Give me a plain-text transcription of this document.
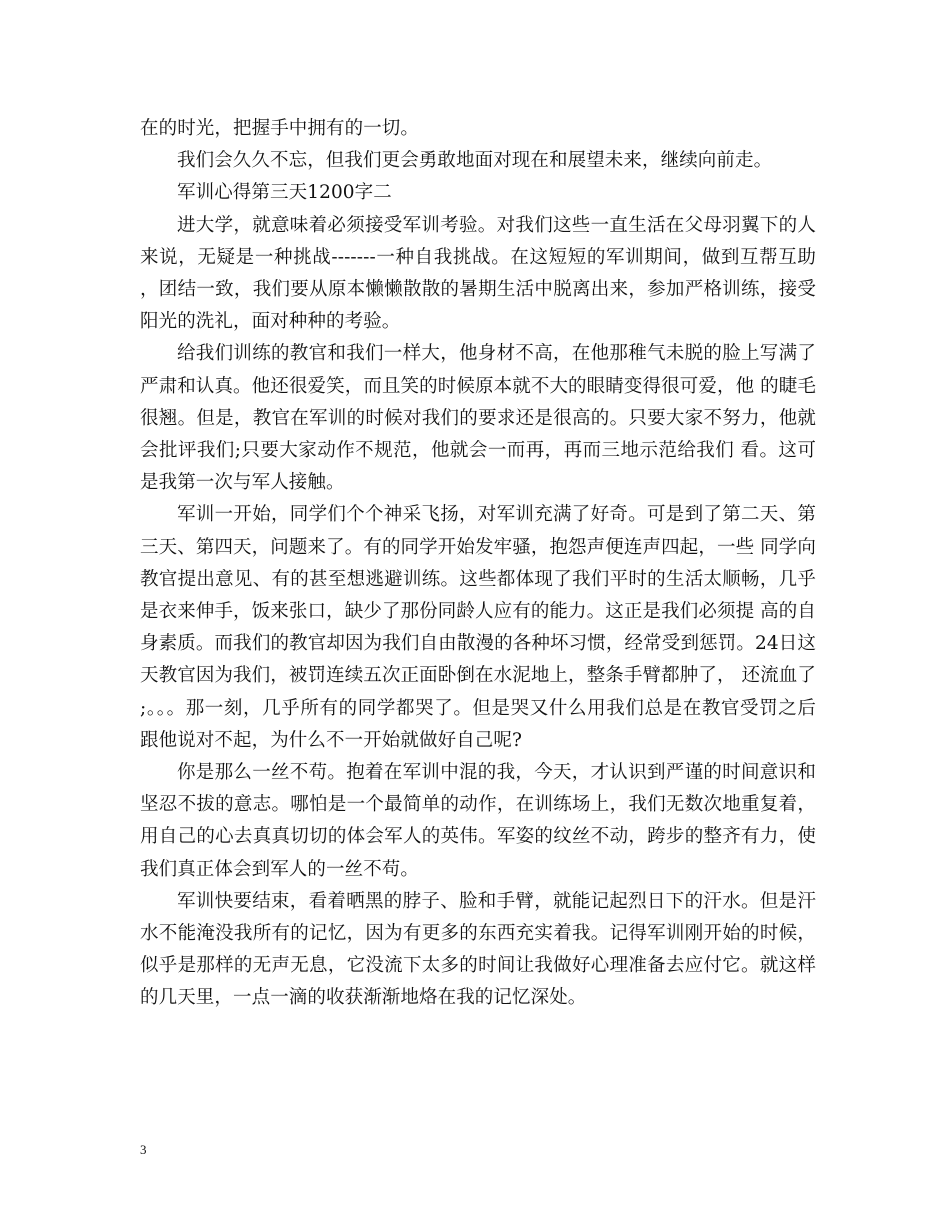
在的时光，把握手中拥有的一切。

我们会久久不忘，但我们更会勇敢地面对现在和展望未来，继续向前走。

军训心得第三天1200字二

进大学，就意味着必须接受军训考验。对我们这些一直生活在父母羽翼下的人来说，无疑是一种挑战-------一种自我挑战。在这短短的军训期间，做到互帮互助，团结一致，我们要从原本懒懒散散的暑期生活中脱离出来，参加严格训练，接受阳光的洗礼，面对种种的考验。

给我们训练的教官和我们一样大，他身材不高，在他那稚气未脱的脸上写满了严肃和认真。他还很爱笑，而且笑的时候原本就不大的眼睛变得很可爱，他 的睫毛很翘。但是，教官在军训的时候对我们的要求还是很高的。只要大家不努力，他就会批评我们;只要大家动作不规范，他就会一而再，再而三地示范给我们 看。这可是我第一次与军人接触。

军训一开始，同学们个个神采飞扬，对军训充满了好奇。可是到了第二天、第三天、第四天，问题来了。有的同学开始发牢骚，抱怨声便连声四起，一些 同学向教官提出意见、有的甚至想逃避训练。这些都体现了我们平时的生活太顺畅，几乎是衣来伸手，饭来张口，缺少了那份同龄人应有的能力。这正是我们必须提 高的自身素质。而我们的教官却因为我们自由散漫的各种坏习惯，经常受到惩罚。24日这天教官因为我们，被罚连续五次正面卧倒在水泥地上，整条手臂都肿了， 还流血了;。。。那一刻，几乎所有的同学都哭了。但是哭又什么用我们总是在教官受罚之后跟他说对不起，为什么不一开始就做好自己呢?

你是那么一丝不苟。抱着在军训中混的我，今天，才认识到严谨的时间意识和坚忍不拔的意志。哪怕是一个最简单的动作，在训练场上，我们无数次地重复着，用自己的心去真真切切的体会军人的英伟。军姿的纹丝不动，跨步的整齐有力，使我们真正体会到军人的一丝不苟。

军训快要结束，看着晒黑的脖子、脸和手臂，就能记起烈日下的汗水。但是汗水不能淹没我所有的记忆，因为有更多的东西充实着我。记得军训刚开始的时候，似乎是那样的无声无息，它没流下太多的时间让我做好心理准备去应付它。就这样的几天里，一点一滴的收获渐渐地烙在我的记忆深处。

3
